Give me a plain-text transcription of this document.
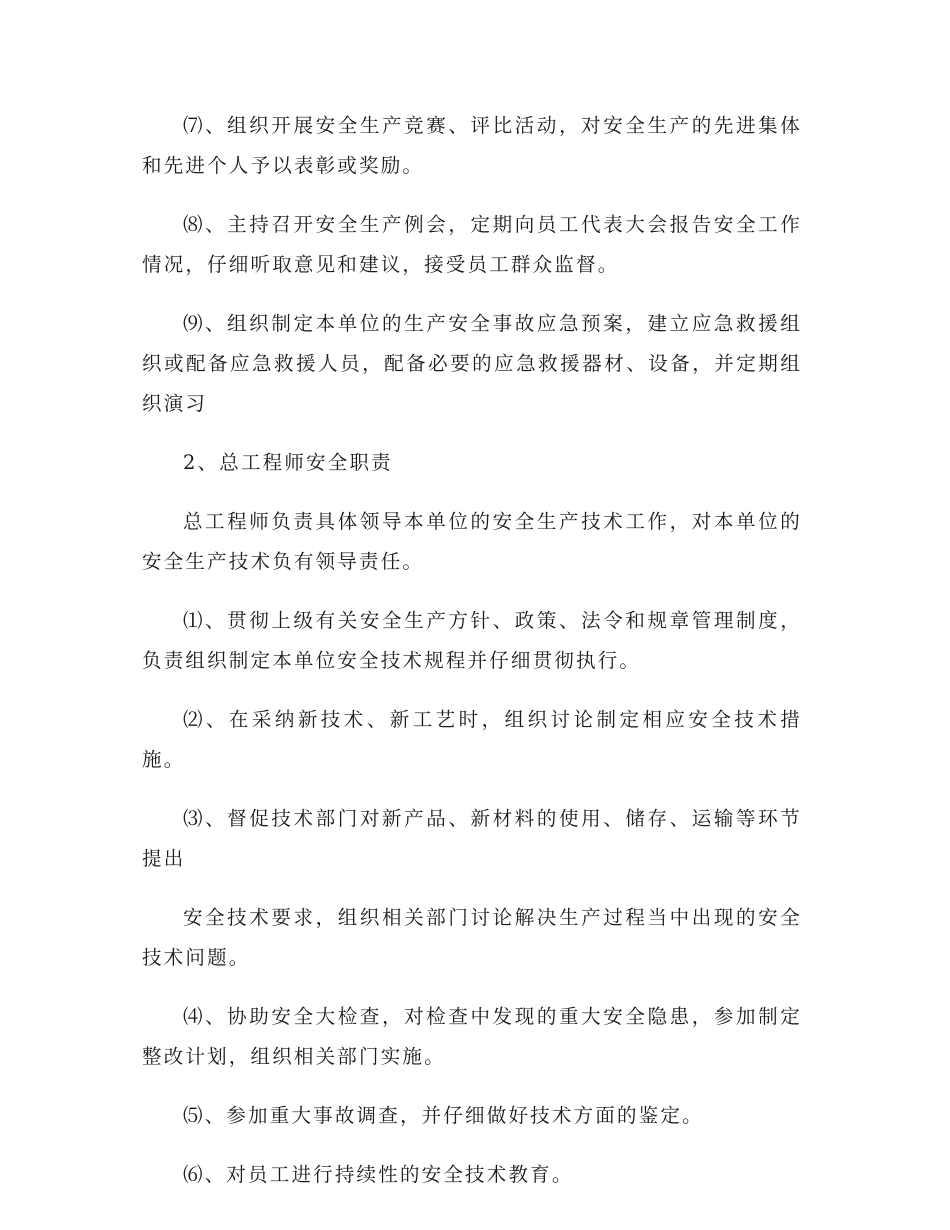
⑺、组织开展安全生产竞赛、评比活动，对安全生产的先进集体和先进个人予以表彰或奖励。

⑻、主持召开安全生产例会，定期向员工代表大会报告安全工作情况，仔细听取意见和建议，接受员工群众监督。

⑼、组织制定本单位的生产安全事故应急预案，建立应急救援组织或配备应急救援人员，配备必要的应急救援器材、设备，并定期组织演习

2、总工程师安全职责

总工程师负责具体领导本单位的安全生产技术工作，对本单位的安全生产技术负有领导责任。

⑴、贯彻上级有关安全生产方针、政策、法令和规章管理制度，负责组织制定本单位安全技术规程并仔细贯彻执行。

⑵、在采纳新技术、新工艺时，组织讨论制定相应安全技术措施。

⑶、督促技术部门对新产品、新材料的使用、储存、运输等环节提出

安全技术要求，组织相关部门讨论解决生产过程当中出现的安全技术问题。

⑷、协助安全大检查，对检查中发现的重大安全隐患，参加制定整改计划，组织相关部门实施。

⑸、参加重大事故调查，并仔细做好技术方面的鉴定。

⑹、对员工进行持续性的安全技术教育。
